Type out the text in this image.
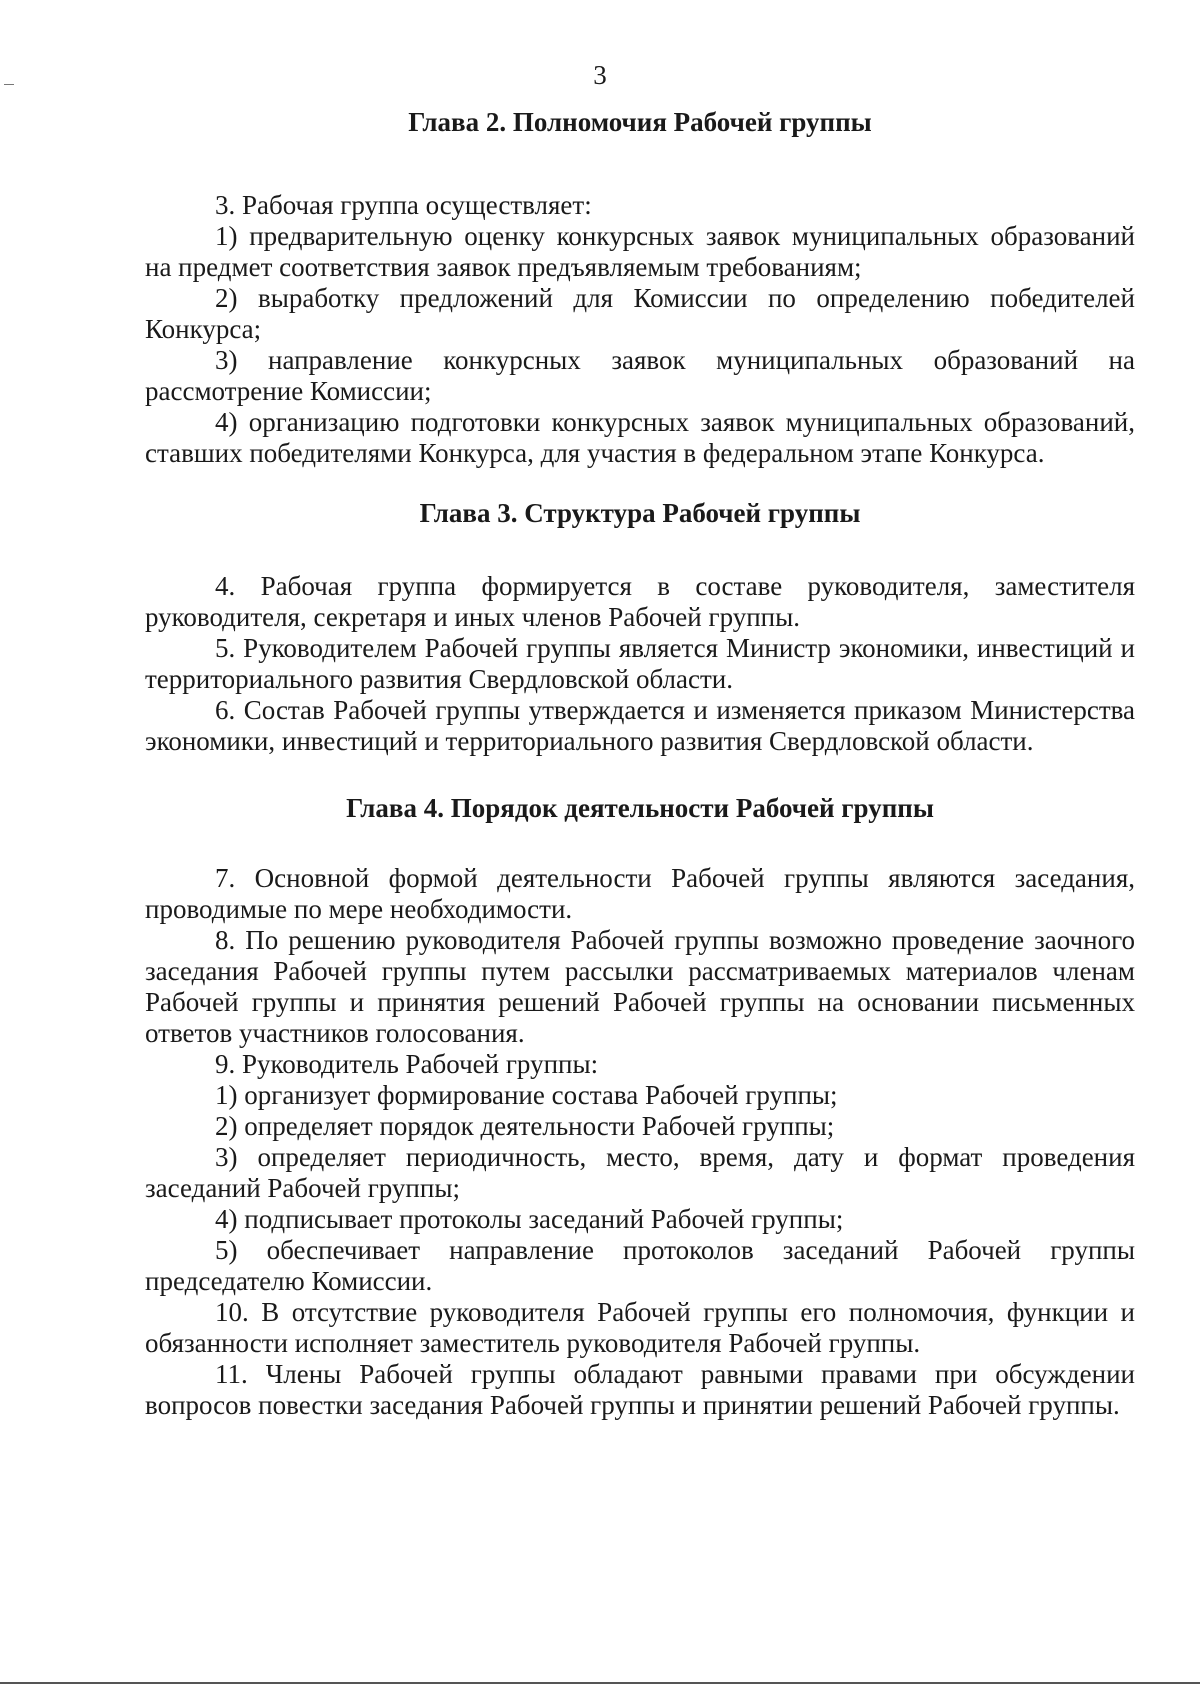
3
Глава 2. Полномочия Рабочей группы

3. Рабочая группа осуществляет:

1) предварительную оценку конкурсных заявок муниципальных образований на предмет соответствия заявок предъявляемым требованиям;

2) выработку предложений для Комиссии по определению победителей Конкурса;

3) направление конкурсных заявок муниципальных образований на рассмотрение Комиссии;

4) организацию подготовки конкурсных заявок муниципальных образований, ставших победителями Конкурса, для участия в федеральном этапе Конкурса.

Глава 3. Структура Рабочей группы

4. Рабочая группа формируется в составе руководителя, заместителя руководителя, секретаря и иных членов Рабочей группы.

5. Руководителем Рабочей группы является Министр экономики, инвестиций и территориального развития Свердловской области.

6. Состав Рабочей группы утверждается и изменяется приказом Министерства экономики, инвестиций и территориального развития Свердловской области.

Глава 4. Порядок деятельности Рабочей группы

7. Основной формой деятельности Рабочей группы являются заседания, проводимые по мере необходимости.

8. По решению руководителя Рабочей группы возможно проведение заочного заседания Рабочей группы путем рассылки рассматриваемых материалов членам Рабочей группы и принятия решений Рабочей группы на основании письменных ответов участников голосования.

9. Руководитель Рабочей группы:

1) организует формирование состава Рабочей группы;

2) определяет порядок деятельности Рабочей группы;

3) определяет периодичность, место, время, дату и формат проведения заседаний Рабочей группы;

4) подписывает протоколы заседаний Рабочей группы;

5) обеспечивает направление протоколов заседаний Рабочей группы председателю Комиссии.

10. В отсутствие руководителя Рабочей группы его полномочия, функции и обязанности исполняет заместитель руководителя Рабочей группы.

11. Члены Рабочей группы обладают равными правами при обсуждении вопросов повестки заседания Рабочей группы и принятии решений Рабочей группы.
